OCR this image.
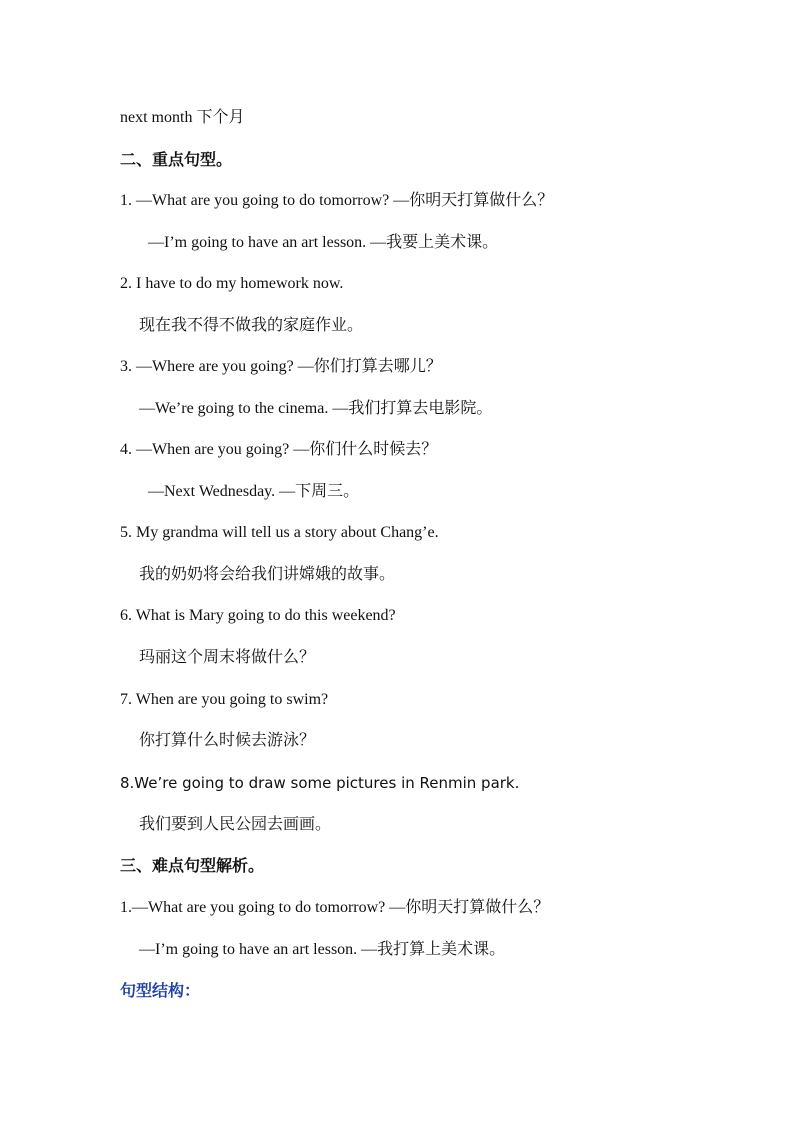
next month 下个月
二、重点句型。
1. —What are you going to do tomorrow? —你明天打算做什么？
—I’m going to have an art lesson. —我要上美术课。
2. I have to do my homework now.
现在我不得不做我的家庭作业。
3. —Where are you going? —你们打算去哪儿？
—We’re going to the cinema. —我们打算去电影院。
4. —When are you going? —你们什么时候去？
—Next Wednesday. —下周三。
5. My grandma will tell us a story about Chang’e.
我的奶奶将会给我们讲嫦娥的故事。
6. What is Mary going to do this weekend?
玛丽这个周末将做什么？
7. When are you going to swim?
你打算什么时候去游泳？
8.We’re going to draw some pictures in Renmin park.
我们要到人民公园去画画。
三、难点句型解析。
1.—What are you going to do tomorrow? —你明天打算做什么？
—I’m going to have an art lesson. —我打算上美术课。
句型结构：
